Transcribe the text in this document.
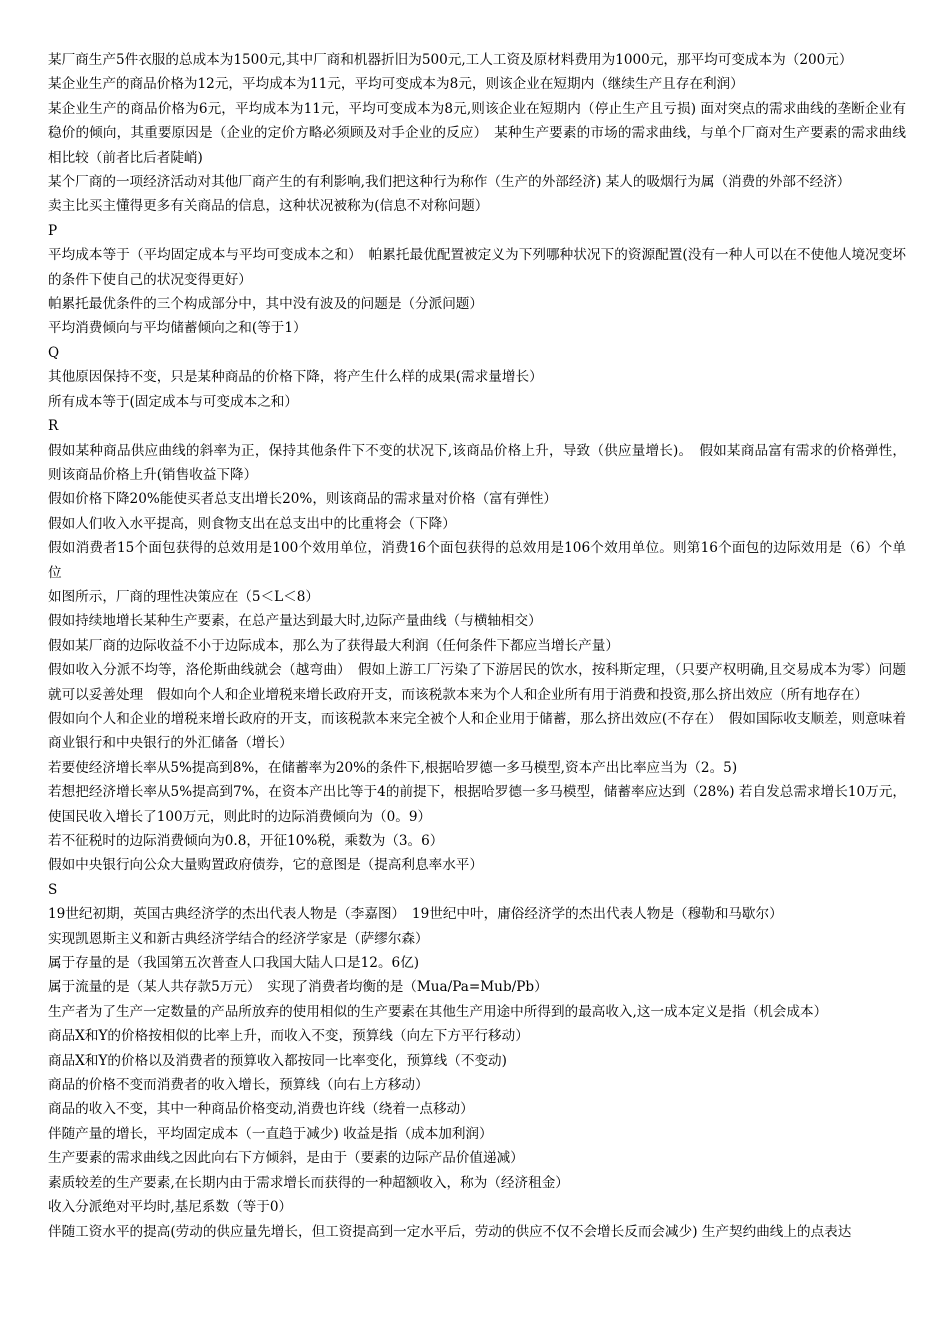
某厂商生产5件衣服的总成本为1500元,其中厂商和机器折旧为500元,工人工资及原材料费用为1000元，那平均可变成本为（200元）

某企业生产的商品价格为12元，平均成本为11元，平均可变成本为8元，则该企业在短期内（继续生产且存在利润）

某企业生产的商品价格为6元，平均成本为11元，平均可变成本为8元,则该企业在短期内（停止生产且亏损) 面对突点的需求曲线的垄断企业有稳价的倾向，其重要原因是（企业的定价方略必须顾及对手企业的反应）　某种生产要素的市场的需求曲线，与单个厂商对生产要素的需求曲线相比较（前者比后者陡峭)

某个厂商的一项经济活动对其他厂商产生的有利影响,我们把这种行为称作（生产的外部经济) 某人的吸烟行为属（消费的外部不经济）

卖主比买主懂得更多有关商品的信息，这种状况被称为(信息不对称问题）

P

平均成本等于（平均固定成本与平均可变成本之和）　帕累托最优配置被定义为下列哪种状况下的资源配置(没有一种人可以在不使他人境况变坏的条件下使自己的状况变得更好）

帕累托最优条件的三个构成部分中，其中没有波及的问题是（分派问题）

平均消费倾向与平均储蓄倾向之和(等于1）

Q

其他原因保持不变，只是某种商品的价格下降，将产生什么样的成果(需求量增长）

所有成本等于(固定成本与可变成本之和）

R

假如某种商品供应曲线的斜率为正，保持其他条件下不变的状况下,该商品价格上升，导致（供应量增长)。　假如某商品富有需求的价格弹性，则该商品价格上升(销售收益下降）

假如价格下降20%能使买者总支出增长20%，则该商品的需求量对价格（富有弹性）

假如人们收入水平提高，则食物支出在总支出中的比重将会（下降）

假如消费者15个面包获得的总效用是100个效用单位，消费16个面包获得的总效用是106个效用单位。则第16个面包的边际效用是（6）个单位

如图所示，厂商的理性决策应在（5＜L＜8）

假如持续地增长某种生产要素，在总产量达到最大时,边际产量曲线（与横轴相交）

假如某厂商的边际收益不小于边际成本，那么为了获得最大利润（任何条件下都应当增长产量）

假如收入分派不均等，洛伦斯曲线就会（越弯曲）　假如上游工厂污染了下游居民的饮水，按科斯定理，（只要产权明确,且交易成本为零）问题就可以妥善处理　假如向个人和企业增税来增长政府开支，而该税款本来为个人和企业所有用于消费和投资,那么挤出效应（所有地存在）

假如向个人和企业的增税来增长政府的开支，而该税款本来完全被个人和企业用于储蓄，那么挤出效应(不存在）　假如国际收支顺差，则意味着商业银行和中央银行的外汇储备（增长）

若要使经济增长率从5%提高到8%，在储蓄率为20%的条件下,根据哈罗德一多马模型,资本产出比率应当为（2。5)

若想把经济增长率从5%提高到7%，在资本产出比等于4的前提下，根据哈罗德一多马模型，储蓄率应达到（28%) 若自发总需求增长10万元，使国民收入增长了100万元，则此时的边际消费倾向为（0。9）

若不征税时的边际消费倾向为0.8，开征10%税，乘数为（3。6）

假如中央银行向公众大量购置政府债券，它的意图是（提高利息率水平）

S

19世纪初期，英国古典经济学的杰出代表人物是（李嘉图）　19世纪中叶，庸俗经济学的杰出代表人物是（穆勒和马歇尔）

实现凯恩斯主义和新古典经济学结合的经济学家是（萨缪尔森）

属于存量的是（我国第五次普查人口我国大陆人口是12。6亿)

属于流量的是（某人共存款5万元）　实现了消费者均衡的是（Mua/Pa=Mub/Pb）

生产者为了生产一定数量的产品所放弃的使用相似的生产要素在其他生产用途中所得到的最高收入,这一成本定义是指（机会成本）

商品X和Y的价格按相似的比率上升，而收入不变，预算线（向左下方平行移动）

商品X和Y的价格以及消费者的预算收入都按同一比率变化，预算线（不变动)

商品的价格不变而消费者的收入增长，预算线（向右上方移动）

商品的收入不变，其中一种商品价格变动,消费也许线（绕着一点移动）

伴随产量的增长，平均固定成本（一直趋于减少) 收益是指（成本加利润）

生产要素的需求曲线之因此向右下方倾斜，是由于（要素的边际产品价值递减）

素质较差的生产要素,在长期内由于需求增长而获得的一种超额收入，称为（经济租金）

收入分派绝对平均时,基尼系数（等于0）

伴随工资水平的提高(劳动的供应量先增长，但工资提高到一定水平后，劳动的供应不仅不会增长反而会减少) 生产契约曲线上的点表达
